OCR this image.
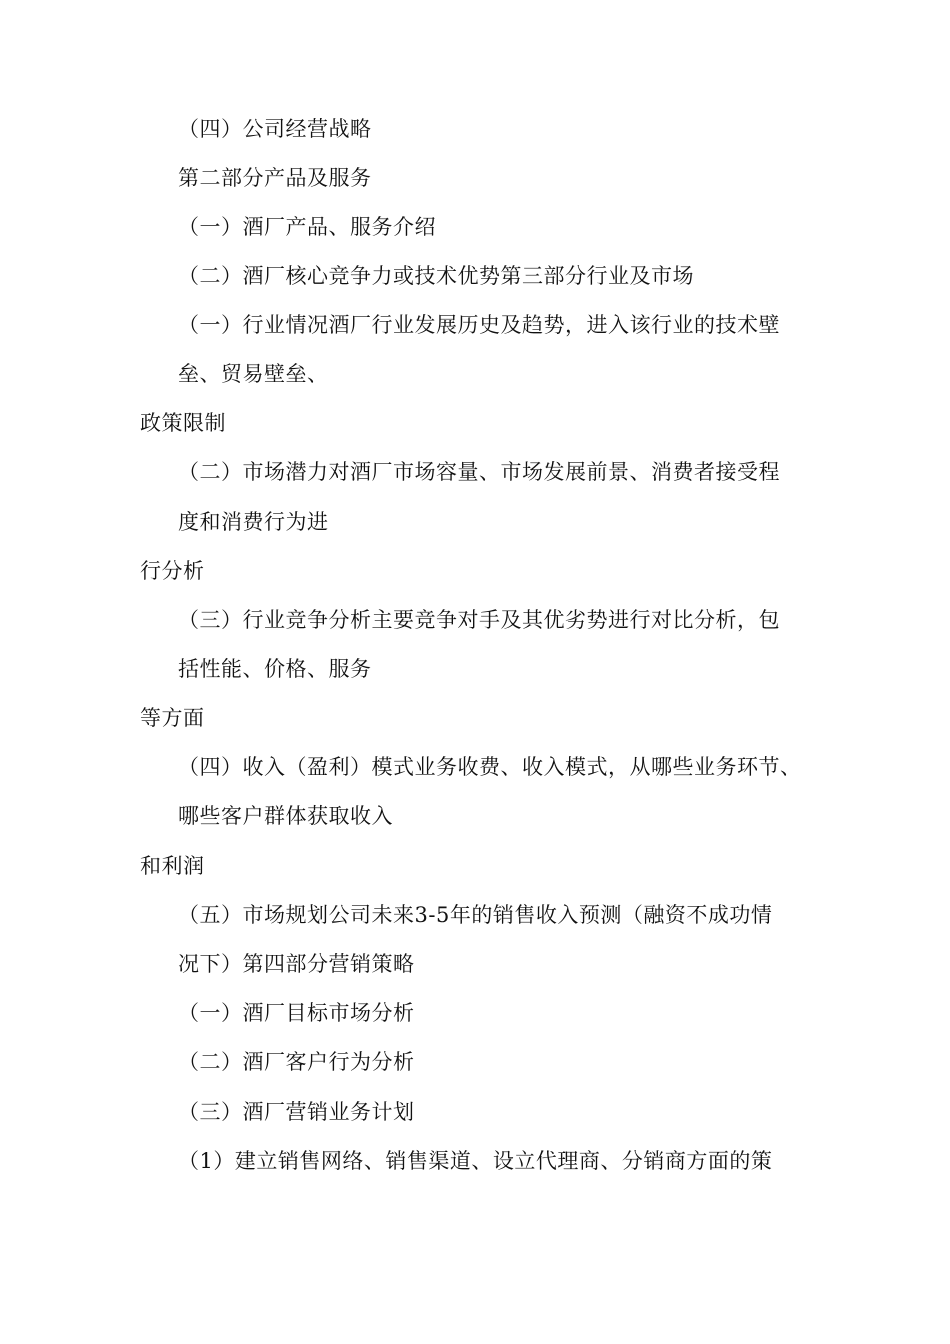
（四）公司经营战略
第二部分产品及服务
（一）酒厂产品、服务介绍
（二）酒厂核心竞争力或技术优势第三部分行业及市场
（一）行业情况酒厂行业发展历史及趋势，进入该行业的技术壁
垒、贸易壁垒、
政策限制
（二）市场潜力对酒厂市场容量、市场发展前景、消费者接受程
度和消费行为进
行分析
（三）行业竞争分析主要竞争对手及其优劣势进行对比分析，包
括性能、价格、服务
等方面
（四）收入（盈利）模式业务收费、收入模式，从哪些业务环节、
哪些客户群体获取收入
和利润
（五）市场规划公司未来3-5年的销售收入预测（融资不成功情
况下）第四部分营销策略
（一）酒厂目标市场分析
（二）酒厂客户行为分析
（三）酒厂营销业务计划
（1）建立销售网络、销售渠道、设立代理商、分销商方面的策
